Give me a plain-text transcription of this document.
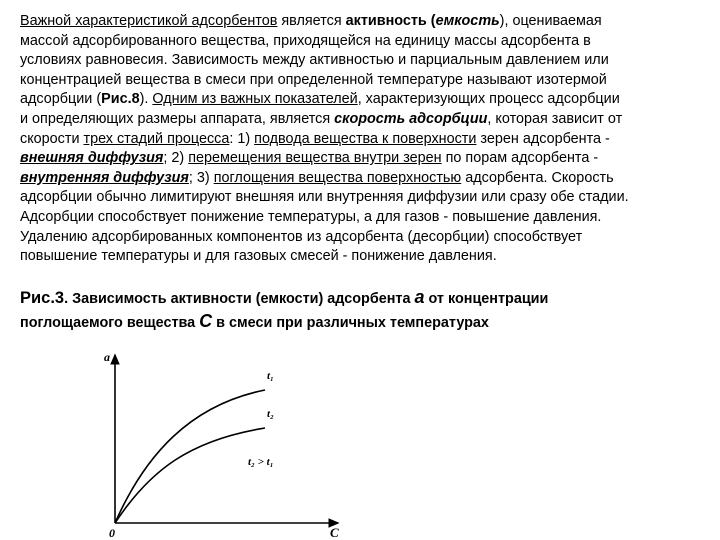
Важной характеристикой адсорбентов является активность (емкость), оцениваемая
массой адсорбированного вещества, приходящейся на единицу массы адсорбента в
условиях равновесия. Зависимость между активностью и парциальным давлением или
концентрацией вещества в смеси при определенной температуре называют изотермой
адсорбции (Рис.8). Одним из важных показателей, характеризующих процесс адсорбции
и определяющих размеры аппарата, является скорость адсорбции, которая зависит от
скорости трех стадий процесса: 1) подвода вещества к поверхности зерен адсорбента -
внешняя диффузия; 2) перемещения вещества внутри зерен по порам адсорбента -
внутренняя диффузия; 3) поглощения вещества поверхностью адсорбента. Скорость
адсорбции обычно лимитируют внешняя или внутренняя диффузии или сразу обе стадии.
Адсорбции способствует понижение температуры, а для газов - повышение давления.
Удалению адсорбированных компонентов из адсорбента (десорбции) способствует
повышение температуры и для газовых смесей - понижение давления.
Рис.3. Зависимость активности (емкости) адсорбента a от концентрации
поглощаемого вещества С в смеси при различных температурах
a
C
0
t₁
t₂
t₂ > t₁
